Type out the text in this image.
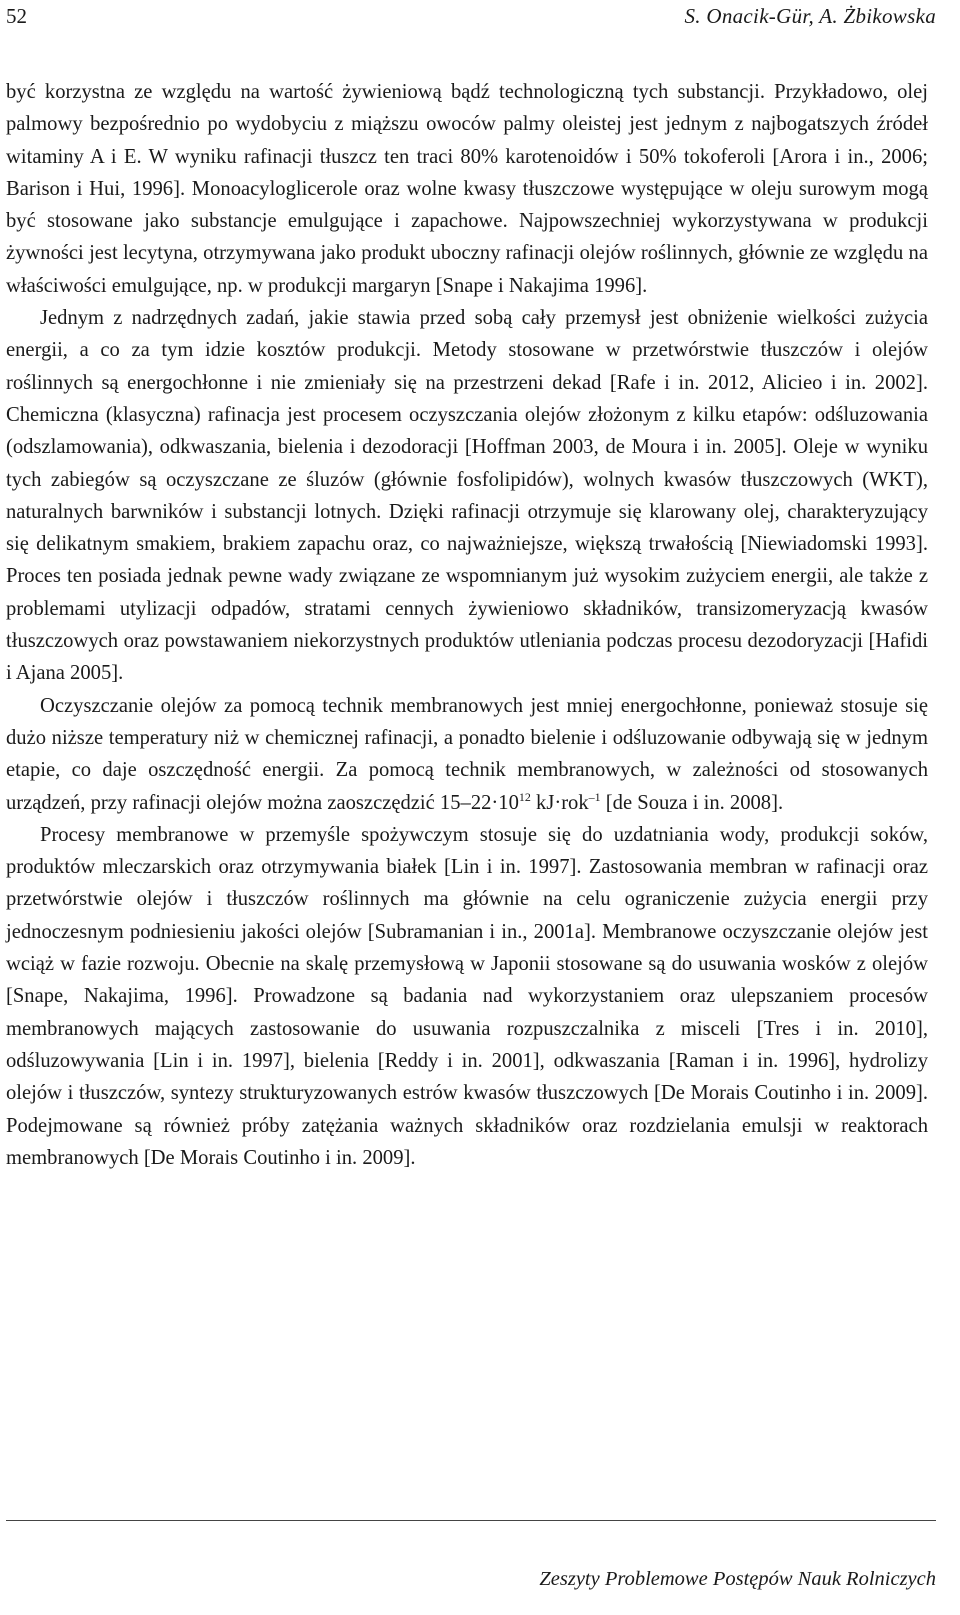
52	S. Onacik-Gür, A. Żbikowska

być korzystna ze względu na wartość żywieniową bądź technologiczną tych substancji. Przykładowo, olej palmowy bezpośrednio po wydobyciu z miąższu owoców palmy oleistej jest jednym z najbogatszych źródeł witaminy A i E. W wyniku rafinacji tłuszcz ten traci 80% karotenoidów i 50% tokoferoli [Arora i in., 2006; Barison i Hui, 1996]. Monoacyloglicerole oraz wolne kwasy tłuszczowe występujące w oleju surowym mogą być stosowane jako substancje emulgujące i zapachowe. Najpowszechniej wykorzystywana w produkcji żywności jest lecytyna, otrzymywana jako produkt uboczny rafinacji olejów roślinnych, głównie ze względu na właściwości emulgujące, np. w produkcji margaryn [Snape i Nakajima 1996].

Jednym z nadrzędnych zadań, jakie stawia przed sobą cały przemysł jest obniżenie wielkości zużycia energii, a co za tym idzie kosztów produkcji. Metody stosowane w przetwórstwie tłuszczów i olejów roślinnych są energochłonne i nie zmieniały się na przestrzeni dekad [Rafe i in. 2012, Alicieo i in. 2002]. Chemiczna (klasyczna) rafinacja jest procesem oczyszczania olejów złożonym z kilku etapów: odśluzowania (odszlamowania), odkwaszania, bielenia i dezodoracji [Hoffman 2003, de Moura i in. 2005]. Oleje w wyniku tych zabiegów są oczyszczane ze śluzów (głównie fosfolipidów), wolnych kwasów tłuszczowych (WKT), naturalnych barwników i substancji lotnych. Dzięki rafinacji otrzymuje się klarowany olej, charakteryzujący się delikatnym smakiem, brakiem zapachu oraz, co najważniejsze, większą trwałością [Niewiadomski 1993]. Proces ten posiada jednak pewne wady związane ze wspomnianym już wysokim zużyciem energii, ale także z problemami utylizacji odpadów, stratami cennych żywieniowo składników, transizomeryzacją kwasów tłuszczowych oraz powstawaniem niekorzystnych produktów utleniania podczas procesu dezodoryzacji [Hafidi i Ajana 2005].

Oczyszczanie olejów za pomocą technik membranowych jest mniej energochłonne, ponieważ stosuje się dużo niższe temperatury niż w chemicznej rafinacji, a ponadto bielenie i odśluzowanie odbywają się w jednym etapie, co daje oszczędność energii. Za pomocą technik membranowych, w zależności od stosowanych urządzeń, przy rafinacji olejów można zaoszczędzić $15-22\cdot 10^{12}$ kJ·rok$^{-1}$ [de Souza i in. 2008].

Procesy membranowe w przemyśle spożywczym stosuje się do uzdatniania wody, produkcji soków, produktów mleczarskich oraz otrzymywania białek [Lin i in. 1997]. Zastosowania membran w rafinacji oraz przetwórstwie olejów i tłuszczów roślinnych ma głównie na celu ograniczenie zużycia energii przy jednoczesnym podniesieniu jakości olejów [Subramanian i in., 2001a]. Membranowe oczyszczanie olejów jest wciąż w fazie rozwoju. Obecnie na skalę przemysłową w Japonii stosowane są do usuwania wosków z olejów [Snape, Nakajima, 1996]. Prowadzone są badania nad wykorzystaniem oraz ulepszaniem procesów membranowych mających zastosowanie do usuwania rozpuszczalnika z misceli [Tres i in. 2010], odśluzowywania [Lin i in. 1997], bielenia [Reddy i in. 2001], odkwaszania [Raman i in. 1996], hydrolizy olejów i tłuszczów, syntezy strukturyzowanych estrów kwasów tłuszczowych [De Morais Coutinho i in. 2009]. Podejmowane są również próby zatężania ważnych składników oraz rozdzielania emulsji w reaktorach membranowych [De Morais Coutinho i in. 2009].

Zeszyty Problemowe Postępów Nauk Rolniczych
